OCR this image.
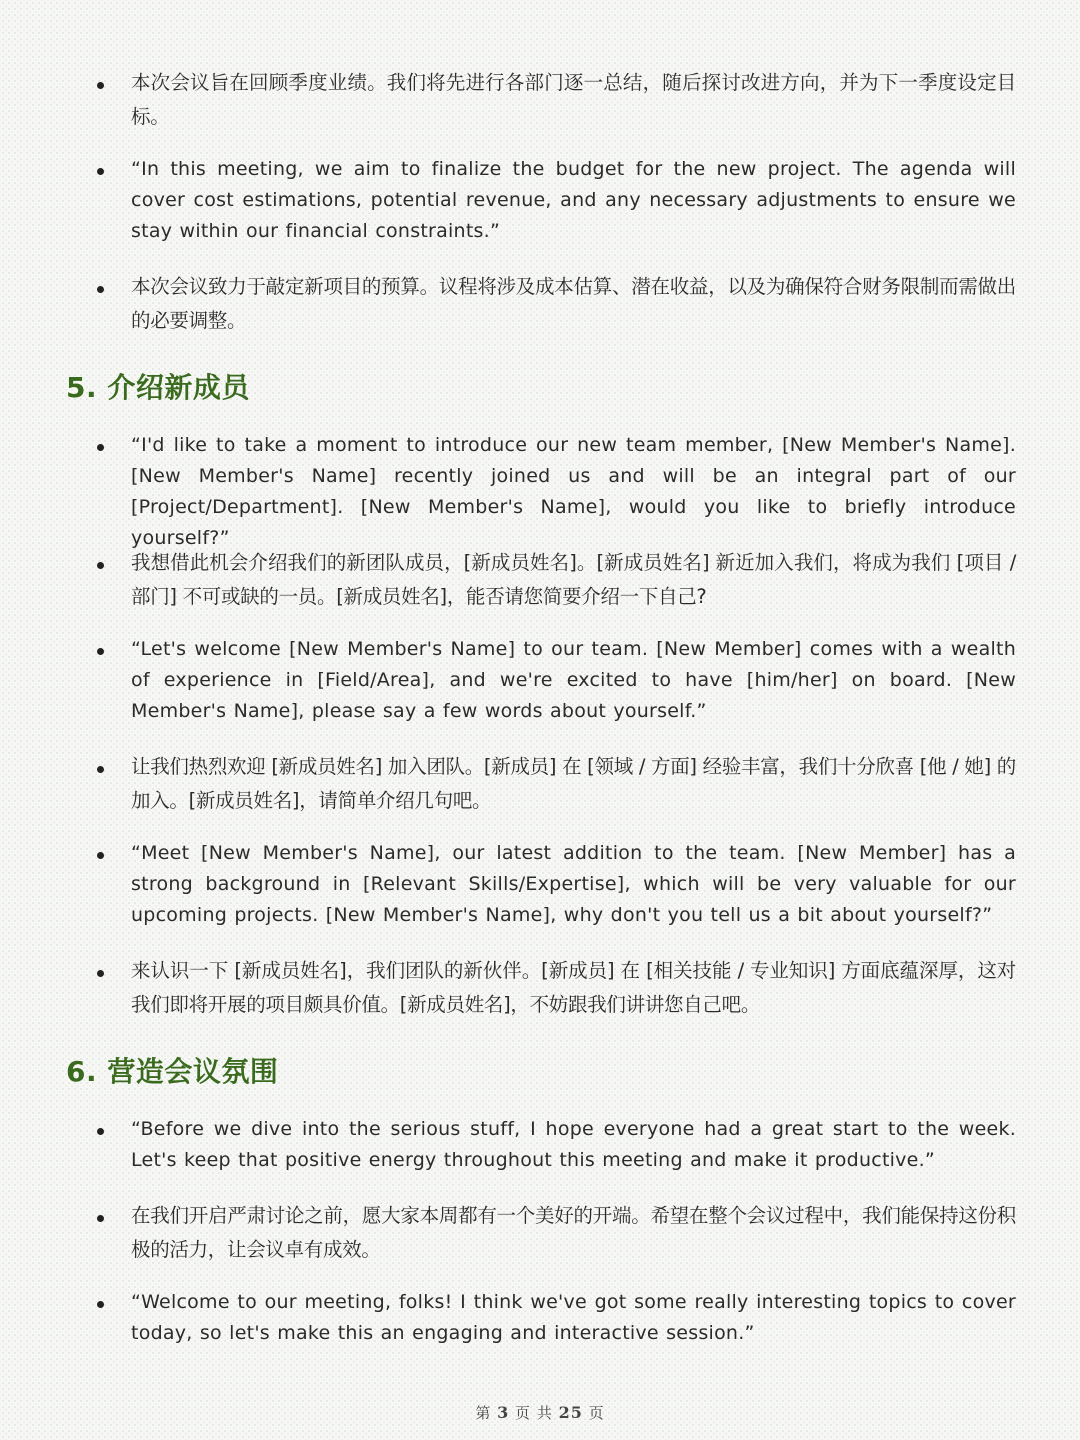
本次会议旨在回顾季度业绩。我们将先进行各部门逐一总结，随后探讨改进方向，并为下一季度设定目标。
“In this meeting, we aim to finalize the budget for the new project. The agenda will cover cost estimations, potential revenue, and any necessary adjustments to ensure we stay within our financial constraints.”
本次会议致力于敲定新项目的预算。议程将涉及成本估算、潜在收益，以及为确保符合财务限制而需做出的必要调整。
5. 介绍新成员
“I'd like to take a moment to introduce our new team member, [New Member's Name]. [New Member's Name] recently joined us and will be an integral part of our [Project/Department]. [New Member's Name], would you like to briefly introduce yourself?”
我想借此机会介绍我们的新团队成员，[新成员姓名]。[新成员姓名] 新近加入我们，将成为我们 [项目 / 部门] 不可或缺的一员。[新成员姓名]，能否请您简要介绍一下自己?
“Let's welcome [New Member's Name] to our team. [New Member] comes with a wealth of experience in [Field/Area], and we're excited to have [him/her] on board. [New Member's Name], please say a few words about yourself.”
让我们热烈欢迎 [新成员姓名] 加入团队。[新成员] 在 [领域 / 方面] 经验丰富，我们十分欣喜 [他 / 她] 的加入。[新成员姓名]，请简单介绍几句吧。
“Meet [New Member's Name], our latest addition to the team. [New Member] has a strong background in [Relevant Skills/Expertise], which will be very valuable for our upcoming projects. [New Member's Name], why don't you tell us a bit about yourself?”
来认识一下 [新成员姓名]，我们团队的新伙伴。[新成员] 在 [相关技能 / 专业知识] 方面底蕴深厚，这对我们即将开展的项目颇具价值。[新成员姓名]，不妨跟我们讲讲您自己吧。
6. 营造会议氛围
“Before we dive into the serious stuff, I hope everyone had a great start to the week. Let's keep that positive energy throughout this meeting and make it productive.”
在我们开启严肃讨论之前，愿大家本周都有一个美好的开端。希望在整个会议过程中，我们能保持这份积极的活力，让会议卓有成效。
“Welcome to our meeting, folks! I think we've got some really interesting topics to cover today, so let's make this an engaging and interactive session.”
第 3 页 共 25 页
